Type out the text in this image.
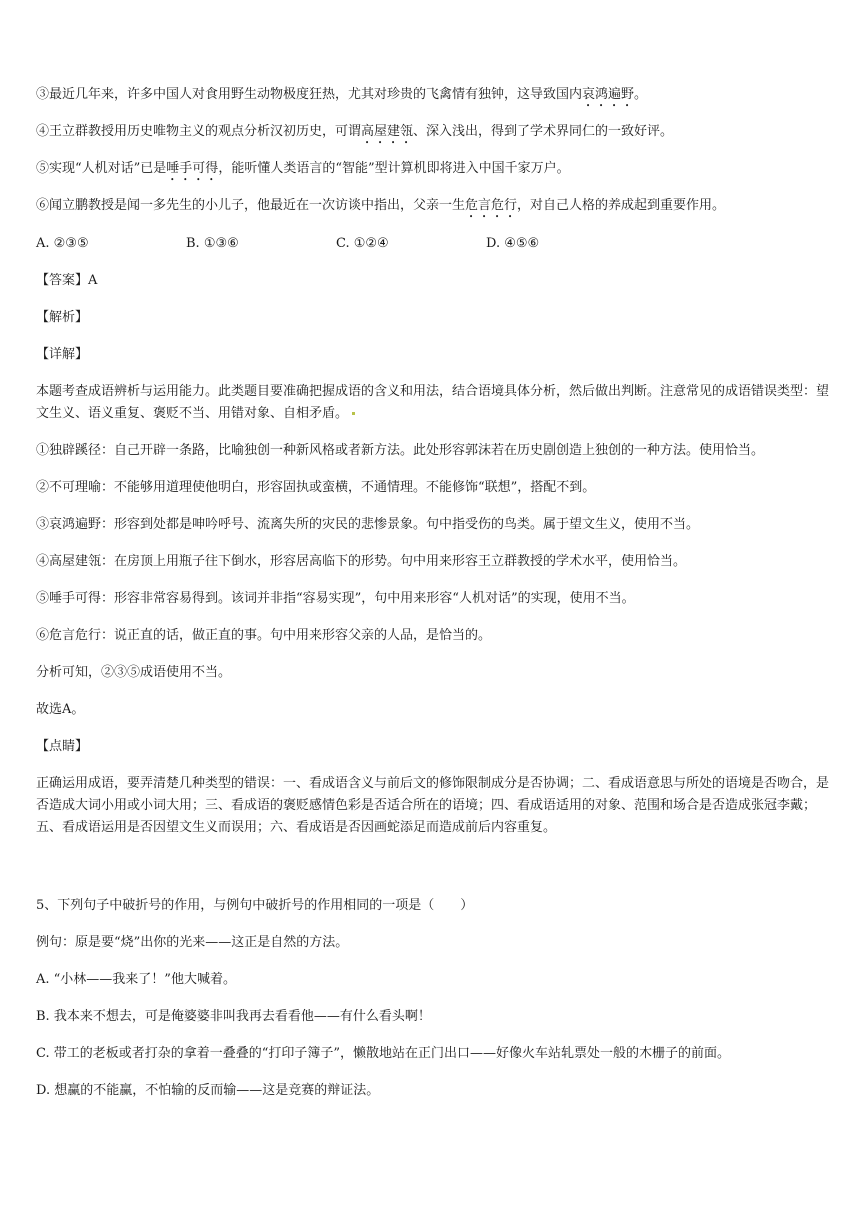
③最近几年来，许多中国人对食用野生动物极度狂热，尤其对珍贵的飞禽情有独钟，这导致国内哀鸿遍野。
④王立群教授用历史唯物主义的观点分析汉初历史，可谓高屋建瓴、深入浅出，得到了学术界同仁的一致好评。
⑤实现“人机对话”已是唾手可得，能听懂人类语言的“智能”型计算机即将进入中国千家万户。
⑥闻立鹏教授是闻一多先生的小儿子，他最近在一次访谈中指出，父亲一生危言危行，对自己人格的养成起到重要作用。
A. ②③⑤	B. ①③⑥	C. ①②④	D. ④⑤⑥
【答案】A
【解析】
【详解】
本题考查成语辨析与运用能力。此类题目要准确把握成语的含义和用法，结合语境具体分析，然后做出判断。注意常见的成语错误类型：望文生义、语义重复、褒贬不当、用错对象、自相矛盾。
①独辟蹊径：自己开辟一条路，比喻独创一种新风格或者新方法。此处形容郭沫若在历史剧创造上独创的一种方法。使用恰当。
②不可理喻：不能够用道理使他明白，形容固执或蛮横，不通情理。不能修饰“联想”，搭配不到。
③哀鸿遍野：形容到处都是呻吟呼号、流离失所的灾民的悲惨景象。句中指受伤的鸟类。属于望文生义，使用不当。
④高屋建瓴：在房顶上用瓶子往下倒水，形容居高临下的形势。句中用来形容王立群教授的学术水平，使用恰当。
⑤唾手可得：形容非常容易得到。该词并非指“容易实现”，句中用来形容“人机对话”的实现，使用不当。
⑥危言危行：说正直的话，做正直的事。句中用来形容父亲的人品，是恰当的。
分析可知，②③⑤成语使用不当。
故选A。
【点睛】
正确运用成语，要弄清楚几种类型的错误：一、看成语含义与前后文的修饰限制成分是否协调；二、看成语意思与所处的语境是否吻合，是否造成大词小用或小词大用；三、看成语的褒贬感情色彩是否适合所在的语境；四、看成语适用的对象、范围和场合是否造成张冠李戴；五、看成语运用是否因望文生义而误用；六、看成语是否因画蛇添足而造成前后内容重复。
5、下列句子中破折号的作用，与例句中破折号的作用相同的一项是（　　）
例句：原是要“烧”出你的光来——这正是自然的方法。
A. “小林——我来了！”他大喊着。
B. 我本来不想去，可是俺婆婆非叫我再去看看他——有什么看头啊！
C. 带工的老板或者打杂的拿着一叠叠的“打印子簿子”，懒散地站在正门出口——好像火车站轧票处一般的木栅子的前面。
D. 想赢的不能赢，不怕输的反而输——这是竞赛的辩证法。
